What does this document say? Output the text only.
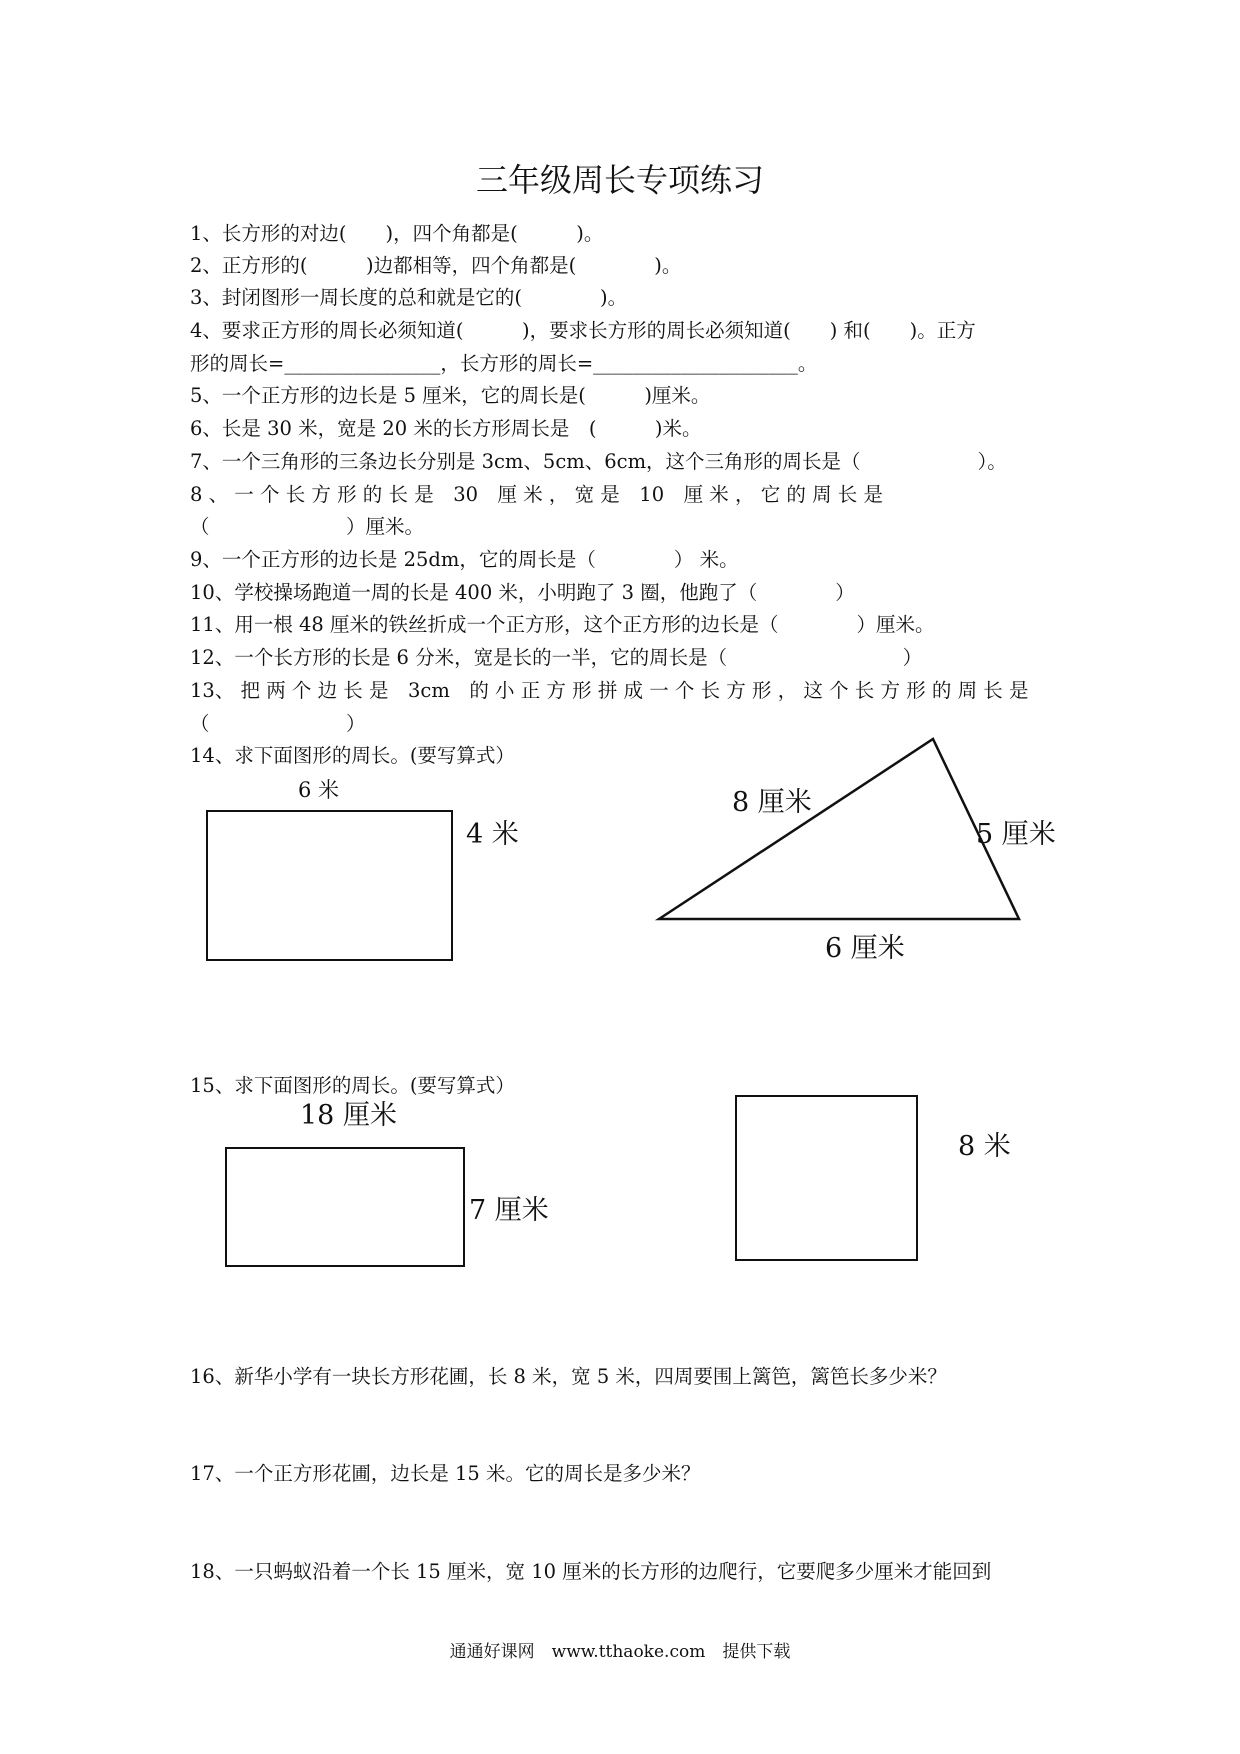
三年级周长专项练习
1、长方形的对边(　　)，四个角都是(　　　)。
2、正方形的(　　　)边都相等，四个角都是(　　　　)。
3、封闭图形一周长度的总和就是它的(　　　　)。
4、要求正方形的周长必须知道(　　　)，要求长方形的周长必须知道(　　) 和(　　)。正方
形的周长=________________，长方形的周长=_____________________。
5、一个正方形的边长是 5 厘米，它的周长是(　　　)厘米。
6、长是 30 米，宽是 20 米的长方形周长是　(　　　)米。
7、一个三角形的三条边长分别是 3cm、5cm、6cm，这个三角形的周长是（　　　　　　）。
8 、 一 个 长 方 形 的 长 是　30　厘 米 ， 宽 是　10　厘 米 ， 它 的 周 长 是
（　　　　　　　）厘米。
9、一个正方形的边长是 25dm，它的周长是（　　　　） 米。
10、学校操场跑道一周的长是 400 米，小明跑了 3 圈，他跑了（　　　　）
11、用一根 48 厘米的铁丝折成一个正方形，这个正方形的边长是（　　　　）厘米。
12、一个长方形的长是 6 分米，宽是长的一半，它的周长是（　　　　　　　　　）
13、 把 两 个 边 长 是　3cm　的 小 正 方 形 拼 成 一 个 长 方 形 ， 这 个 长 方 形 的 周 长 是
（　　　　　　　）
14、求下面图形的周长。(要写算式）
6 米
4 米
8 厘米
5 厘米
6 厘米
15、求下面图形的周长。(要写算式）
18 厘米
7 厘米
8 米
16、新华小学有一块长方形花圃，长 8 米，宽 5 米，四周要围上篱笆，篱笆长多少米？
17、一个正方形花圃，边长是 15 米。它的周长是多少米？
18、一只蚂蚁沿着一个长 15 厘米，宽 10 厘米的长方形的边爬行，它要爬多少厘米才能回到
通通好课网　www.tthaoke.com　提供下载
